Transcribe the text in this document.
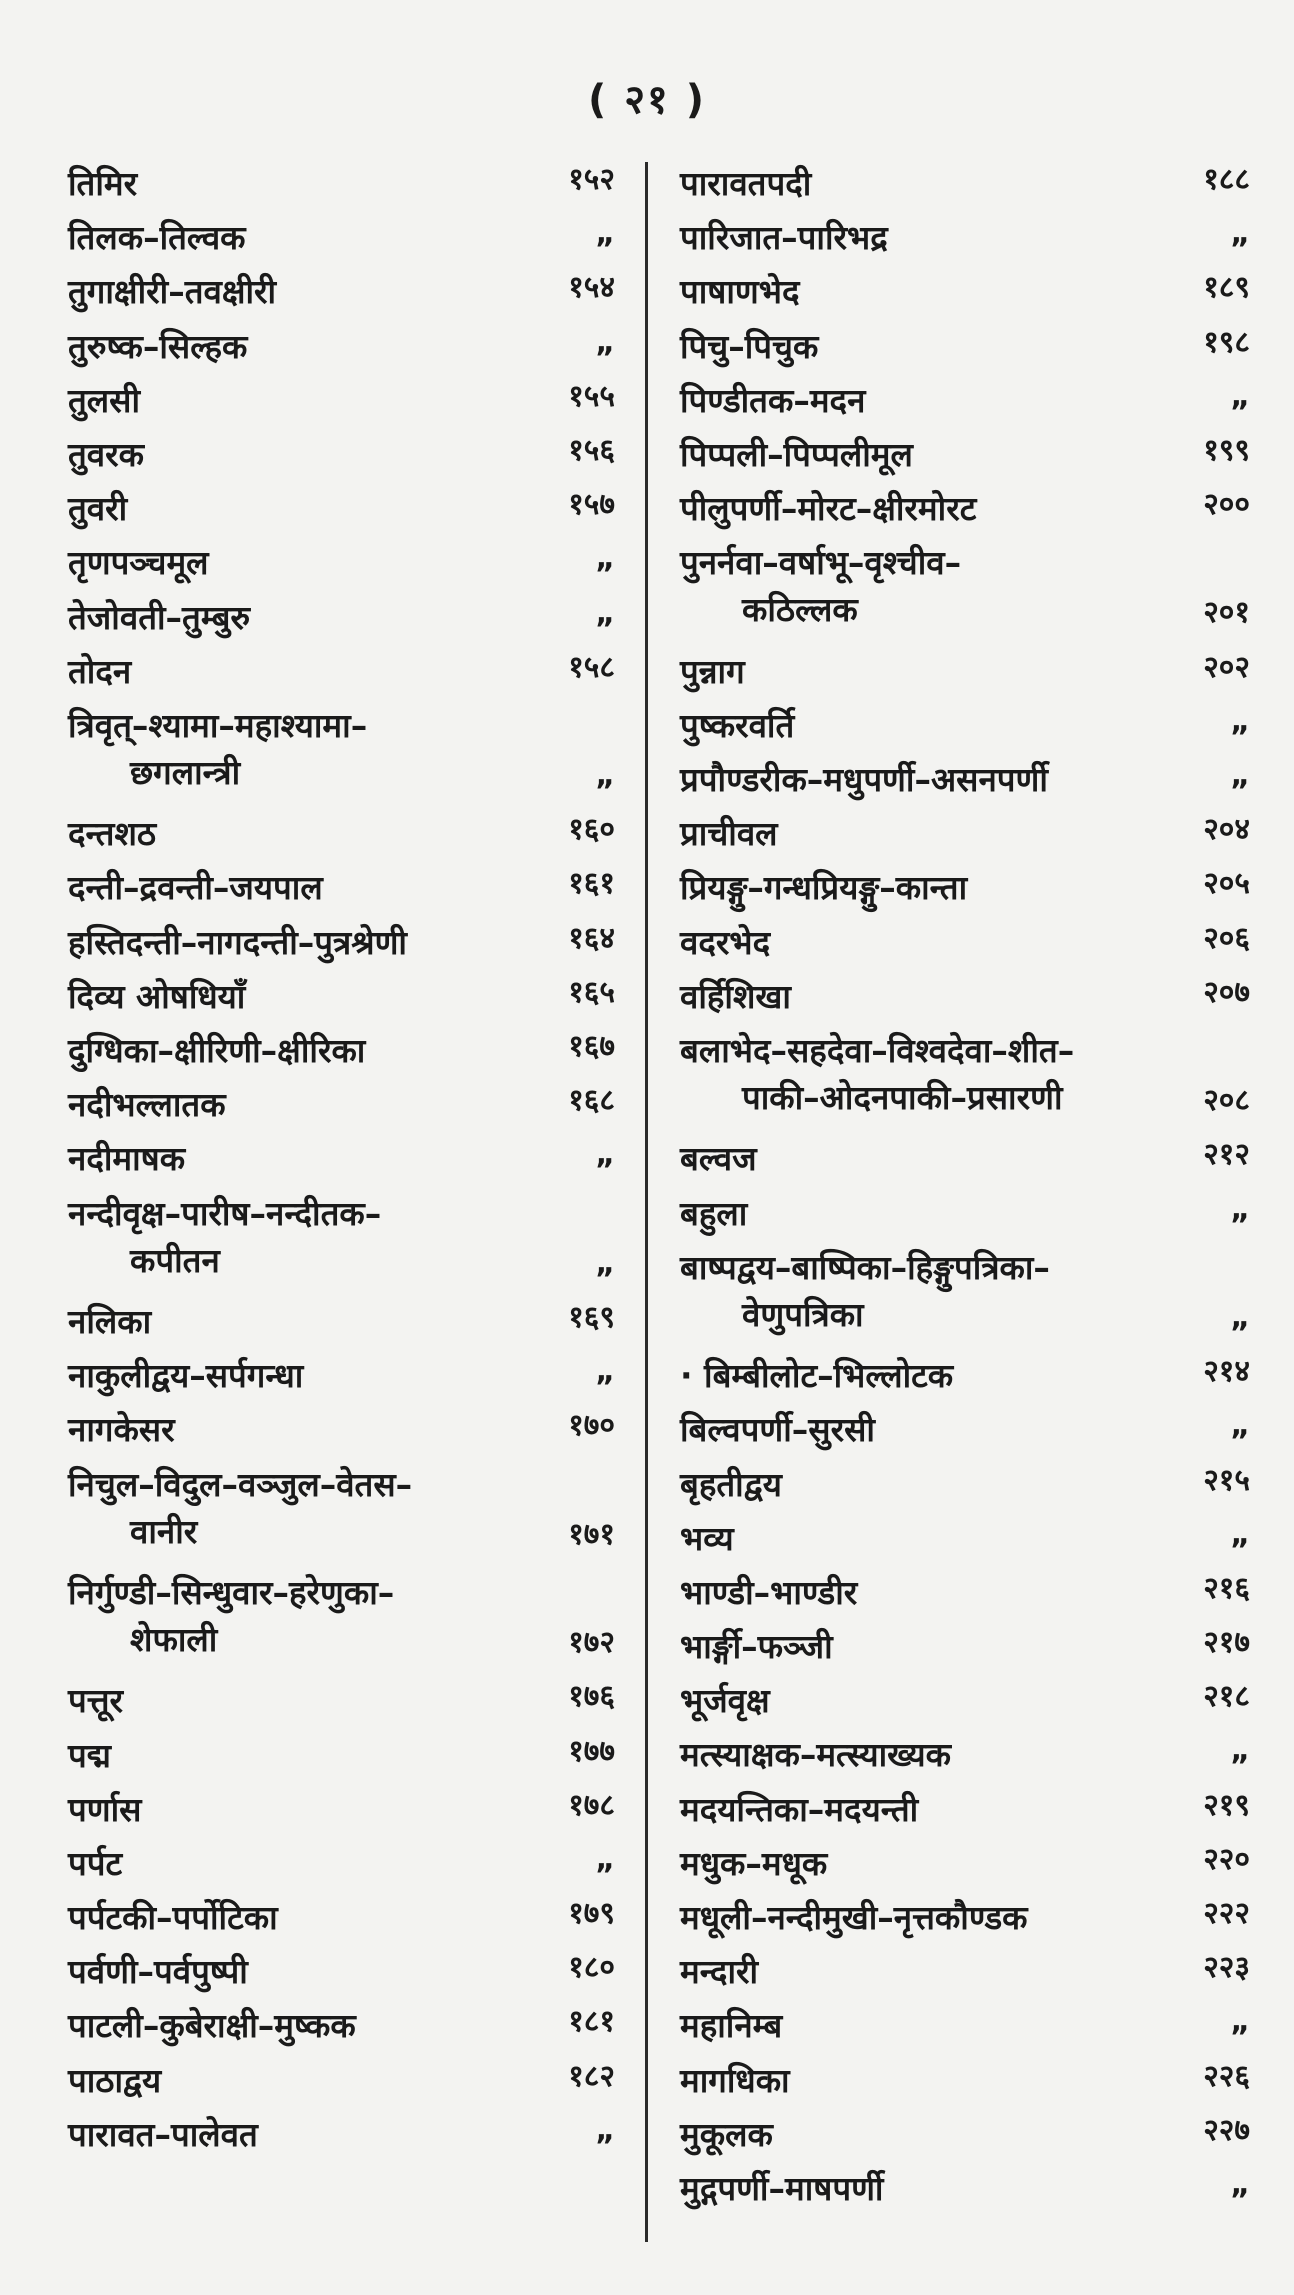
( २१ )
तिमिर	१५२
तिलक–तिल्वक	„
तुगाक्षीरी–तवक्षीरी	१५४
तुरुष्क–सिल्हक	„
तुलसी	१५५
तुवरक	१५६
तुवरी	१५७
तृणपञ्चमूल	„
तेजोवती–तुम्बुरु	„
तोदन	१५८
त्रिवृत्–श्यामा–महाश्यामा–
छगलान्त्री	„
दन्तशठ	१६०
दन्ती–द्रवन्ती–जयपाल	१६१
हस्तिदन्ती–नागदन्ती–पुत्रश्रेणी	१६४
दिव्य ओषधियाँ	१६५
दुग्धिका–क्षीरिणी–क्षीरिका	१६७
नदीभल्लातक	१६८
नदीमाषक	„
नन्दीवृक्ष–पारीष–नन्दीतक–
कपीतन	„
नलिका	१६९
नाकुलीद्वय–सर्पगन्धा	„
नागकेसर	१७०
निचुल–विदुल–वञ्जुल–वेतस–
वानीर	१७१
निर्गुण्डी–सिन्धुवार–हरेणुका–
शेफाली	१७२
पत्तूर	१७६
पद्म	१७७
पर्णास	१७८
पर्पट	„
पर्पटकी–पर्पोटिका	१७९
पर्वणी–पर्वपुष्पी	१८०
पाटली–कुबेराक्षी–मुष्कक	१८१
पाठाद्वय	१८२
पारावत–पालेवत	„
पारावतपदी	१८८
पारिजात–पारिभद्र	„
पाषाणभेद	१८९
पिचु–पिचुक	१९८
पिण्डीतक–मदन	„
पिप्पली–पिप्पलीमूल	१९९
पीलुपर्णी–मोरट–क्षीरमोरट	२००
पुनर्नवा–वर्षाभू–वृश्चीव–
कठिल्लक	२०१
पुन्नाग	२०२
पुष्करवर्ति	„
प्रपौण्डरीक–मधुपर्णी–असनपर्णी	„
प्राचीवल	२०४
प्रियङ्गु–गन्धप्रियङ्गु–कान्ता	२०५
वदरभेद	२०६
वर्हिशिखा	२०७
बलाभेद–सहदेवा–विश्वदेवा–शीत–
पाकी–ओदनपाकी–प्रसारणी	२०८
बल्वज	२१२
बहुला	„
बाष्पद्वय–बाष्पिका–हिङ्गुपत्रिका–
वेणुपत्रिका	„
· बिम्बीलोट–भिल्लोटक	२१४
बिल्वपर्णी–सुरसी	„
बृहतीद्वय	२१५
भव्य	„
भाण्डी–भाण्डीर	२१६
भार्ङ्गी–फञ्जी	२१७
भूर्जवृक्ष	२१८
मत्स्याक्षक–मत्स्याख्यक	„
मदयन्तिका–मदयन्ती	२१९
मधुक–मधूक	२२०
मधूली–नन्दीमुखी–नृत्तकौण्डक	२२२
मन्दारी	२२३
महानिम्ब	„
मागधिका	२२६
मुकूलक	२२७
मुद्गपर्णी–माषपर्णी	„
